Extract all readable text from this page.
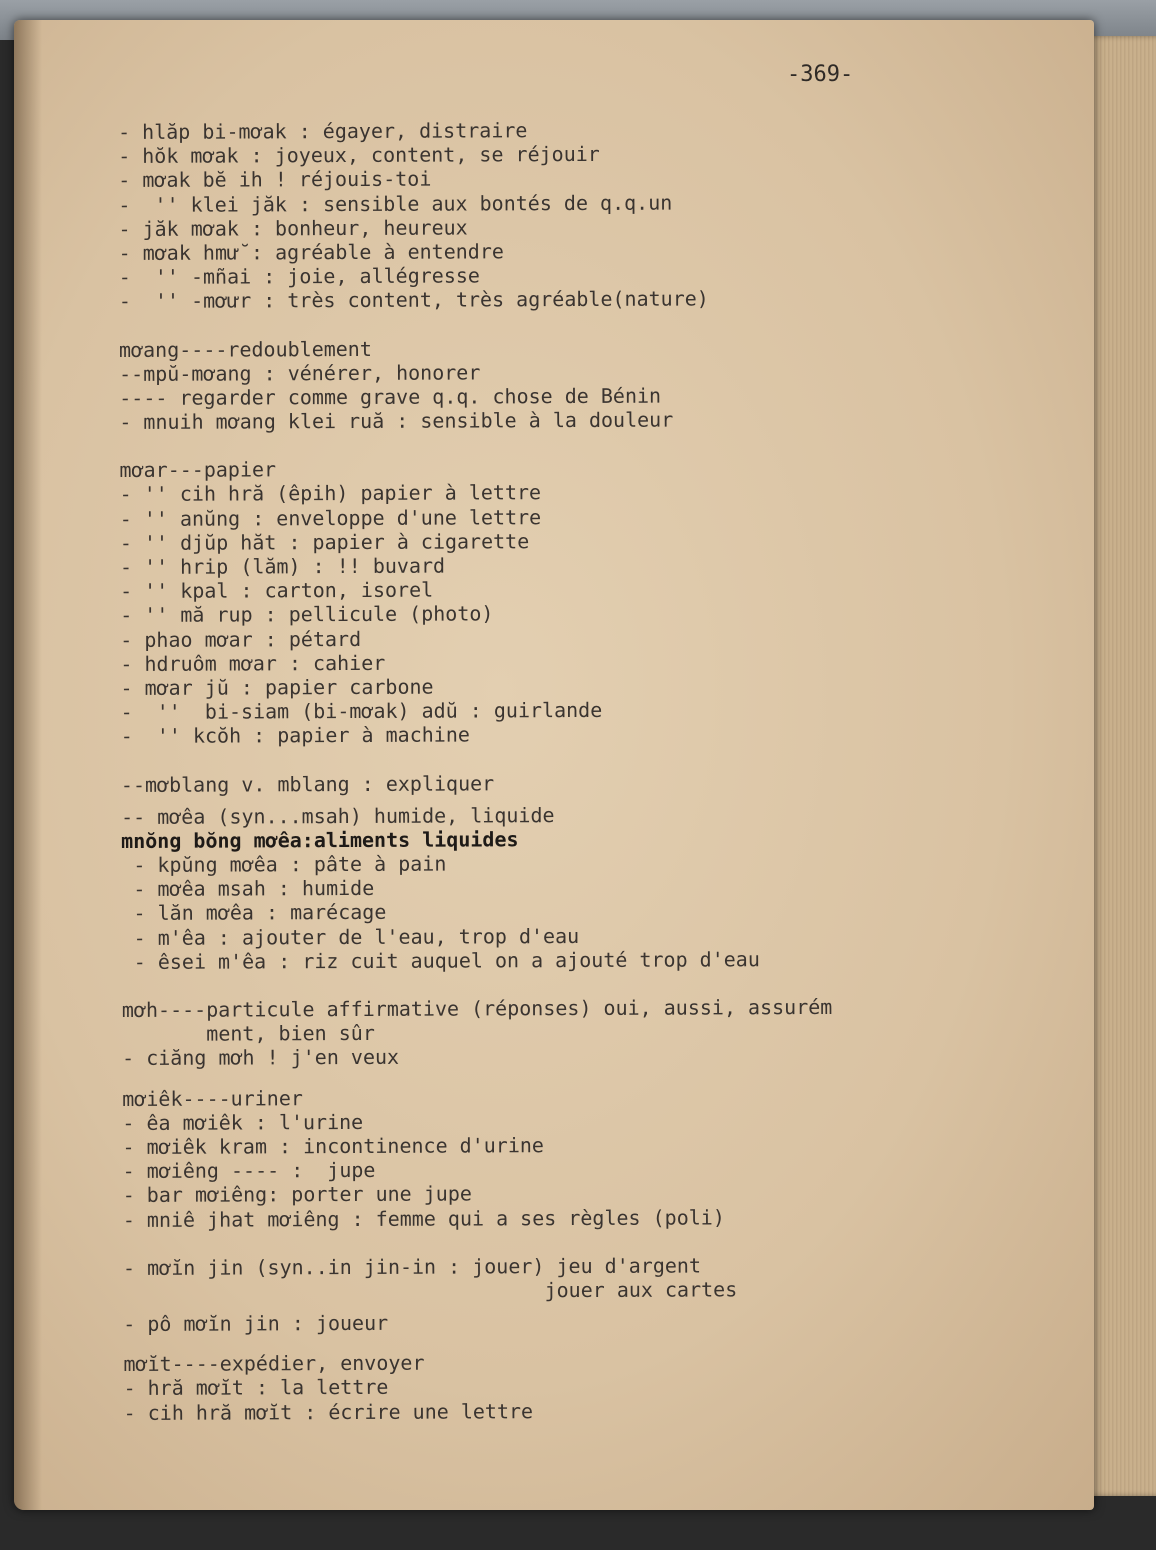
-369-
- hlăp bi-mơak : égayer, distraire
- hŏk mơak : joyeux, content, se réjouir
- mơak bĕ ih ! réjouis-toi
-  '' klei jăk : sensible aux bontés de q.q.un
- jăk mơak : bonheur, heureux
- mơak hmư̆ : agréable à entendre
-  '' -mñai : joie, allégresse
-  '' -mơưr : très content, très agréable(nature)
mơang----redoublement
--mpŭ-mơang : vénérer, honorer
---- regarder comme grave q.q. chose de Bénin
- mnuih mơang klei ruă : sensible à la douleur
mơar---papier
- '' cih hră (êpih) papier à lettre
- '' anŭng : enveloppe d'une lettre
- '' djŭp hăt : papier à cigarette
- '' hrip (lăm) : !! buvard
- '' kpal : carton, isorel
- '' mă rup : pellicule (photo)
- phao mơar : pétard
- hdruôm mơar : cahier
- mơar jŭ : papier carbone
-  ''  bi-siam (bi-mơak) adŭ : guirlande
-  '' kcŏh : papier à machine
--mơblang v. mblang : expliquer
-- mơêa (syn...msah) humide, liquide
mnŏng bŏng mơêa:aliments liquides
- kpŭng mơêa : pâte à pain
- mơêa msah : humide
- lăn mơêa : marécage
- m'êa : ajouter de l'eau, trop d'eau
- êsei m'êa : riz cuit auquel on a ajouté trop d'eau
mơh----particule affirmative (réponses) oui, aussi, assurém
ment, bien sûr
- ciăng mơh ! j'en veux
mơiêk----uriner
- êa mơiêk : l'urine
- mơiêk kram : incontinence d'urine
- mơiêng ---- :  jupe
- bar mơiêng: porter une jupe
- mniê jhat mơiêng : femme qui a ses règles (poli)
- mơĭn jin (syn..in jin-in : jouer) jeu d'argent
jouer aux cartes
- pô mơĭn jin : joueur
mơĭt----expédier, envoyer
- hră mơĭt : la lettre
- cih hră mơĭt : écrire une lettre
